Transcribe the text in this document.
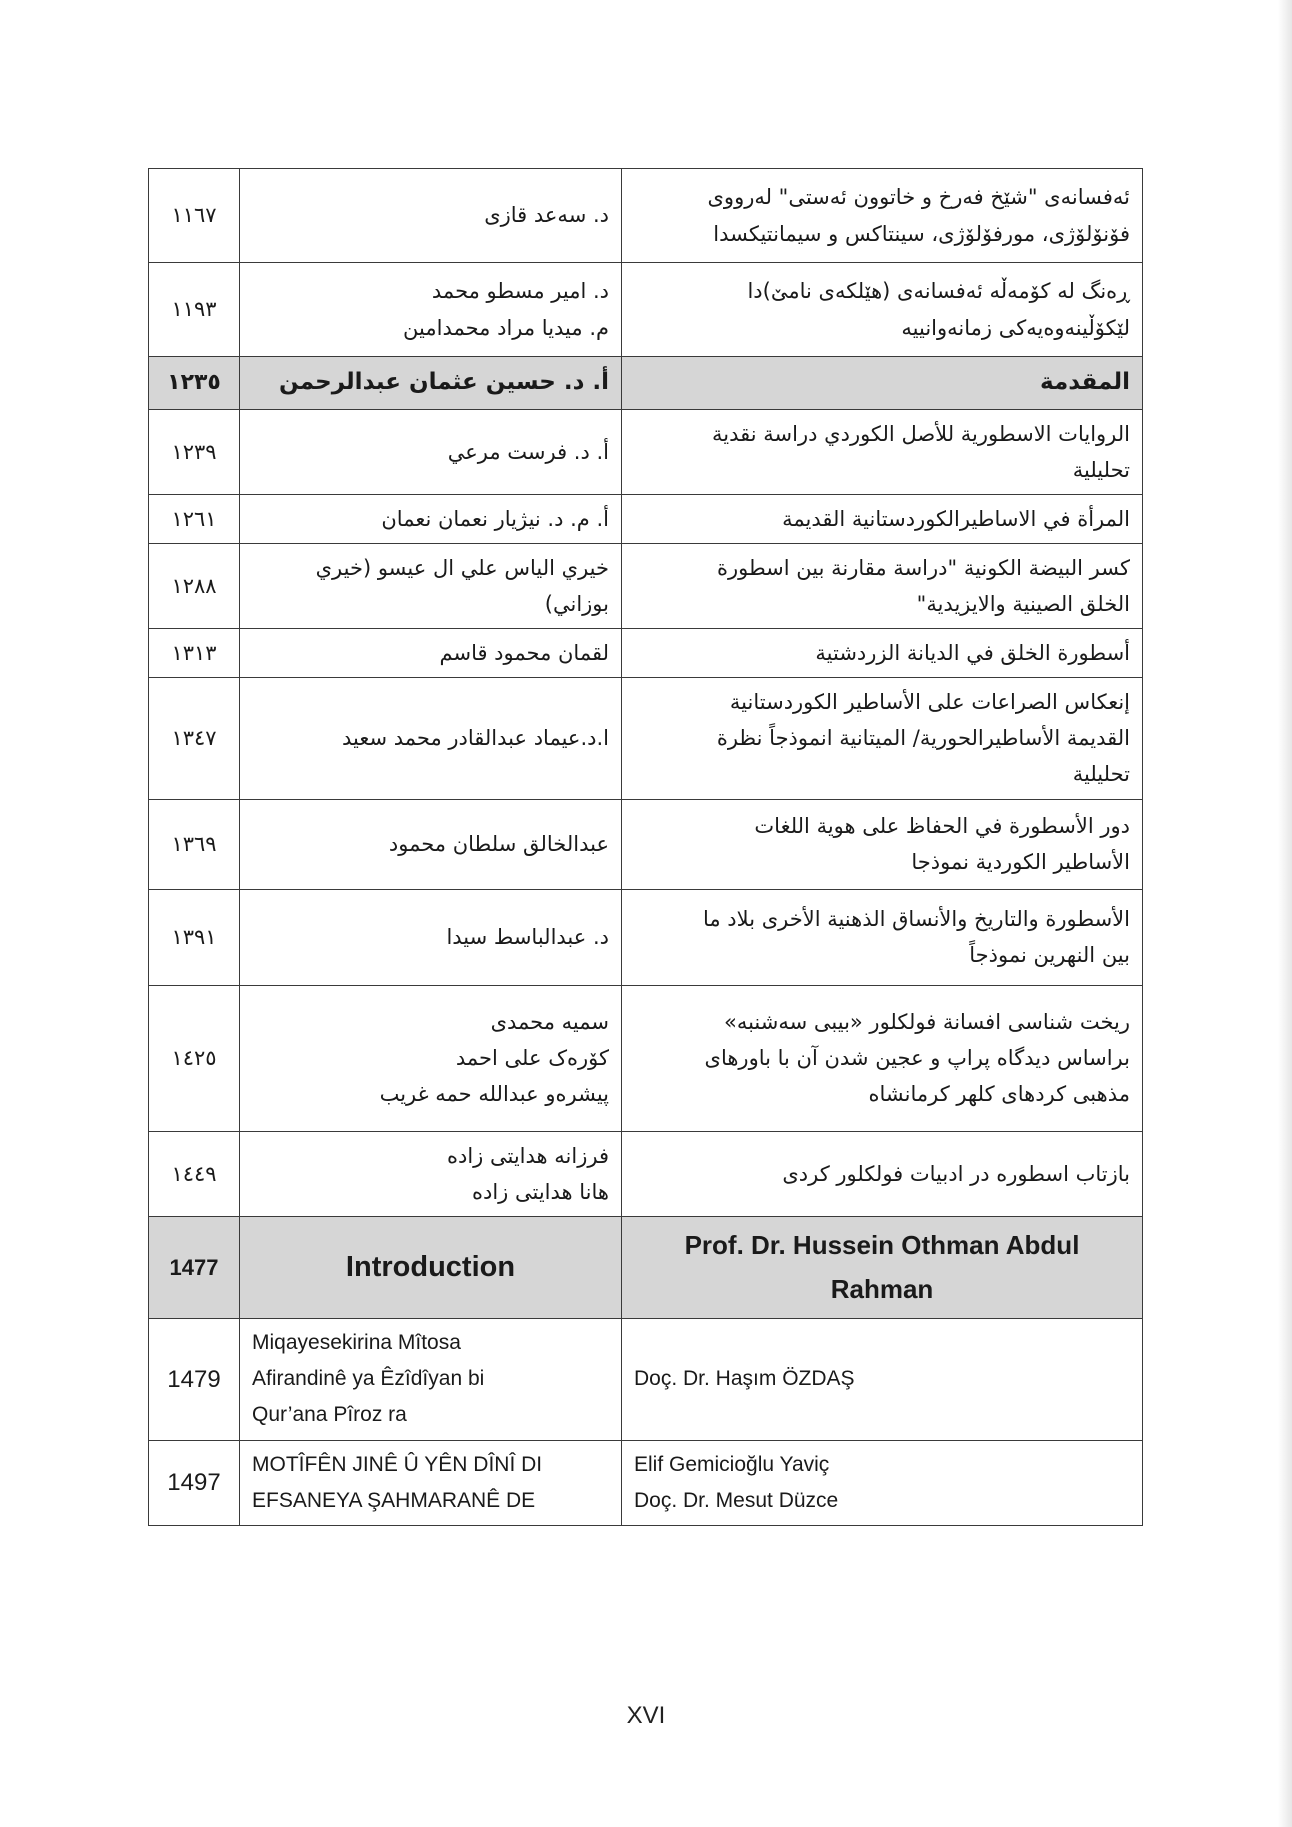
١١٦٧	د. سەعد قازی	ئەفسانەی "شێخ فەرخ و خاتوون ئەستی" لەرووی
فۆنۆلۆژی، مورفۆلۆژی، سینتاکس و سیمانتیکسدا

١١٩٣	د. امیر مسطو محمد
م. میدیا مراد محمدامین	ڕەنگ لە کۆمەڵە ئەفسانەی (هێلکەی نامێ)دا
لێکۆڵینەوەیەکی زمانەوانییە

١٢٣٥	أ. د. حسين عثمان عبدالرحمن	المقدمة

١٢٣٩	أ. د. فرست مرعي	الروايات الاسطورية للأصل الكوردي دراسة نقدية
تحليلية

١٢٦١	أ. م. د. نيژيار نعمان نعمان	المرأة في الاساطيرالكوردستانية القديمة

١٢٨٨	خيري الياس علي ال عيسو (خيري
بوزاني)	كسر البيضة الكونية "دراسة مقارنة بين اسطورة
الخلق الصينية والايزيدية"

١٣١٣	لقمان محمود قاسم	أسطورة الخلق في الديانة الزردشتية

١٣٤٧	ا.د.عيماد عبدالقادر محمد سعيد	إنعكاس الصراعات على الأساطير الكوردستانية
القديمة الأساطيرالحورية/ الميتانية انموذجاً نظرة
تحليلية

١٣٦٩	عبدالخالق سلطان محمود	دور الأسطورة في الحفاظ على هوية اللغات
الأساطير الكوردية نموذجا

١٣٩١	د. عبدالباسط سيدا	الأسطورة والتاريخ والأنساق الذهنية الأخرى بلاد ما
بين النهرين نموذجاً

١٤٢٥	سمیه محمدی
کۆرەک علی احمد
پیشرەو عبدالله حمه غریب	ریخت شناسی افسانة فولکلور «بیبی سەشنبه»
براساس دیدگاه پراپ و عجین شدن آن با باورهای
مذهبی کردهای کلهر کرمانشاه

١٤٤٩	فرزانه هدایتی زاده
هانا هدایتی زاده	بازتاب اسطوره در ادبیات فولکلور کردی

1477	Introduction	Prof. Dr. Hussein Othman Abdul Rahman

1479	Miqayesekirina Mîtosa
Afirandinê ya Êzîdîyan bi
Qur’ana Pîroz ra	Doç. Dr. Haşım ÖZDAŞ

1497	MOTÎFÊN JINÊ Û YÊN DÎNÎ DI
EFSANEYA ŞAHMARANÊ DE	Elif Gemicioğlu Yaviç
Doç. Dr. Mesut Düzce
XVI
